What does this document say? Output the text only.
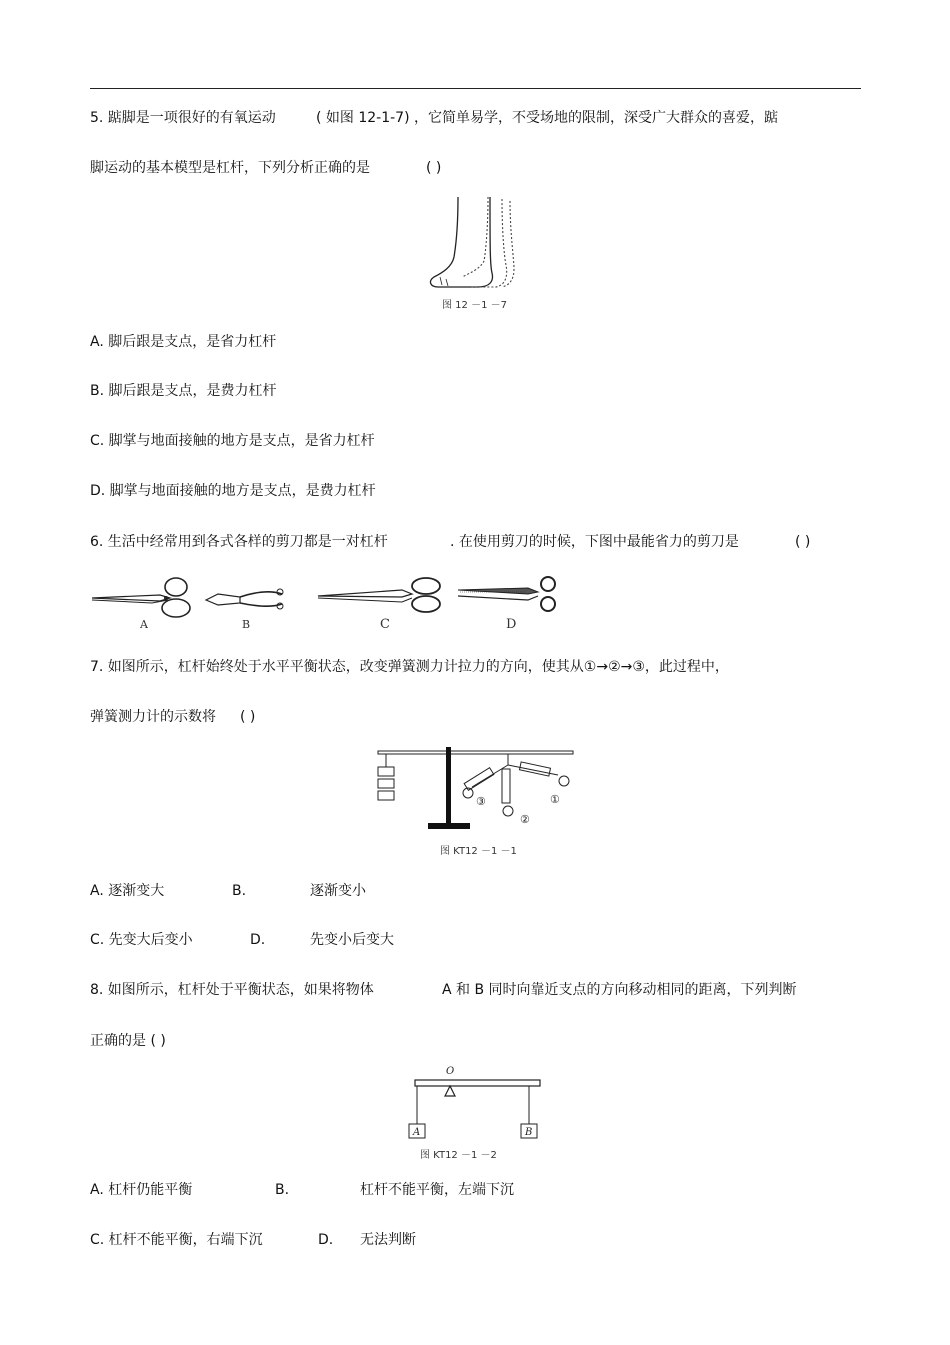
5. 踮脚是一项很好的有氧运动	( 如图 12-1-7) ，它简单易学，不受场地的限制，深受广大群众的喜爱，踮
脚运动的基本模型是杠杆，下列分析正确的是	( )
图 12 －1 －7
A. 脚后跟是支点，是省力杠杆
B. 脚后跟是支点，是费力杠杆
C. 脚掌与地面接触的地方是支点，是省力杠杆
D. 脚掌与地面接触的地方是支点，是费力杠杆
6. 生活中经常用到各式各样的剪刀都是一对杠杆	. 在使用剪刀的时候，下图中最能省力的剪刀是	( )
A	B	C	D
7. 如图所示，杠杆始终处于水平平衡状态，改变弹簧测力计拉力的方向，使其从①→②→③，此过程中，
弹簧测力计的示数将 ( )
③
②
①
图 KT12 －1 －1
A. 逐渐变大	B.	逐渐变小
C. 先变大后变小	D.	先变小后变大
8. 如图所示，杠杆处于平衡状态，如果将物体	A 和 B 同时向靠近支点的方向移动相同的距离，下列判断
正确的是 ( )
O
A	B
图 KT12 －1 －2
A. 杠杆仍能平衡	B.	杠杆不能平衡，左端下沉
C. 杠杆不能平衡，右端下沉	D. 无法判断
